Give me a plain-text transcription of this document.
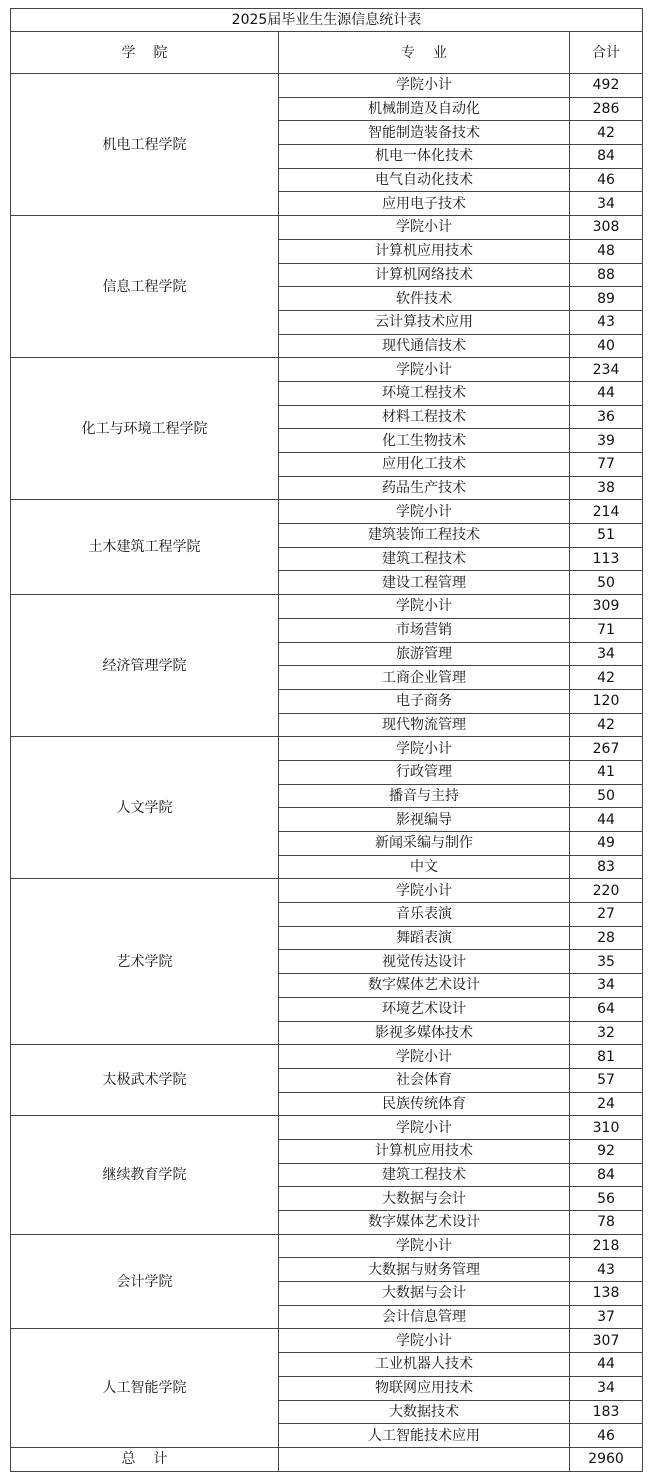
2025届毕业生生源信息统计表		
学院	专业	合计
机电工程学院	学院小计	492
	机械制造及自动化	286
	智能制造装备技术	42
	机电一体化技术	84
	电气自动化技术	46
	应用电子技术	34
信息工程学院	学院小计	308
	计算机应用技术	48
	计算机网络技术	88
	软件技术	89
	云计算技术应用	43
	现代通信技术	40
化工与环境工程学院	学院小计	234
	环境工程技术	44
	材料工程技术	36
	化工生物技术	39
	应用化工技术	77
	药品生产技术	38
土木建筑工程学院	学院小计	214
	建筑装饰工程技术	51
	建筑工程技术	113
	建设工程管理	50
经济管理学院	学院小计	309
	市场营销	71
	旅游管理	34
	工商企业管理	42
	电子商务	120
	现代物流管理	42
人文学院	学院小计	267
	行政管理	41
	播音与主持	50
	影视编导	44
	新闻采编与制作	49
	中文	83
艺术学院	学院小计	220
	音乐表演	27
	舞蹈表演	28
	视觉传达设计	35
	数字媒体艺术设计	34
	环境艺术设计	64
	影视多媒体技术	32
太极武术学院	学院小计	81
	社会体育	57
	民族传统体育	24
继续教育学院	学院小计	310
	计算机应用技术	92
	建筑工程技术	84
	大数据与会计	56
	数字媒体艺术设计	78
会计学院	学院小计	218
	大数据与财务管理	43
	大数据与会计	138
	会计信息管理	37
人工智能学院	学院小计	307
	工业机器人技术	44
	物联网应用技术	34
	大数据技术	183
	人工智能技术应用	46
总计		2960
